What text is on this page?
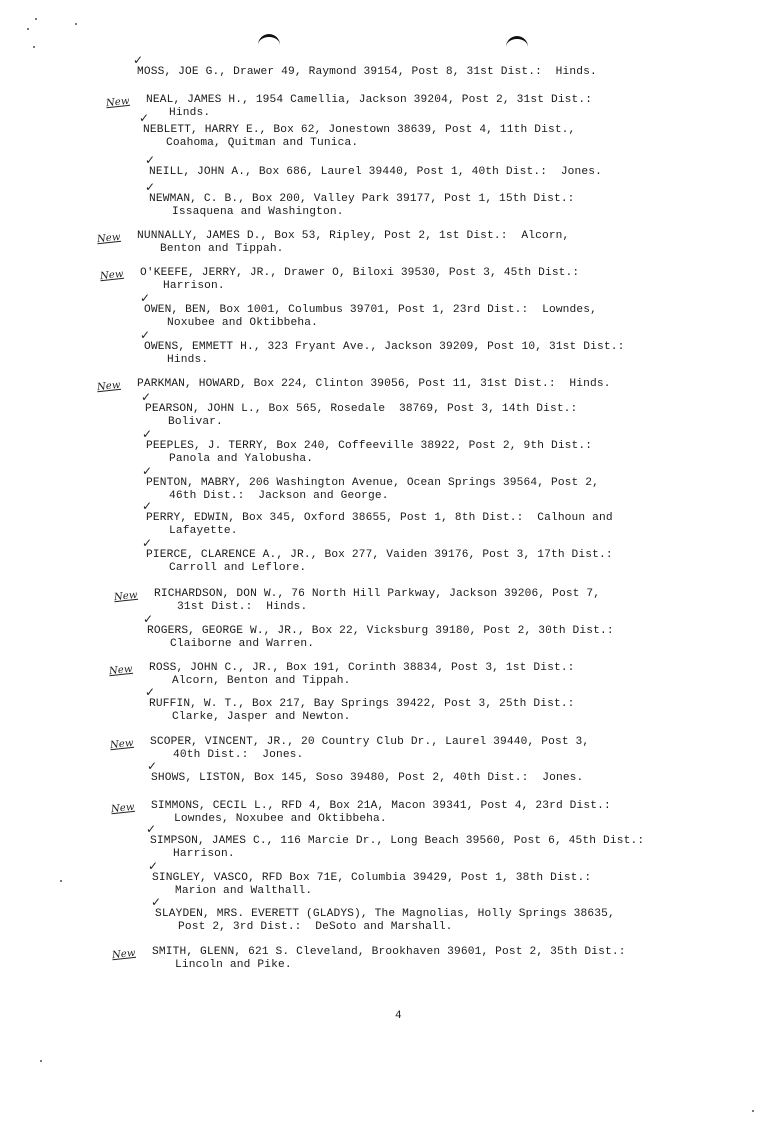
✓
MOSS, JOE G., Drawer 49, Raymond 39154, Post 8, 31st Dist.:  Hinds.
New NEAL, JAMES H., 1954 Camellia, Jackson 39204, Post 2, 31st Dist.:
Hinds.
✓
NEBLETT, HARRY E., Box 62, Jonestown 38639, Post 4, 11th Dist.,
Coahoma, Quitman and Tunica.
✓
NEILL, JOHN A., Box 686, Laurel 39440, Post 1, 40th Dist.:  Jones.
✓
NEWMAN, C. B., Box 200, Valley Park 39177, Post 1, 15th Dist.:
Issaquena and Washington.
New NUNNALLY, JAMES D., Box 53, Ripley, Post 2, 1st Dist.:  Alcorn,
Benton and Tippah.
New O'KEEFE, JERRY, JR., Drawer O, Biloxi 39530, Post 3, 45th Dist.:
Harrison.
✓
OWEN, BEN, Box 1001, Columbus 39701, Post 1, 23rd Dist.:  Lowndes,
Noxubee and Oktibbeha.
✓
OWENS, EMMETT H., 323 Fryant Ave., Jackson 39209, Post 10, 31st Dist.:
Hinds.
New PARKMAN, HOWARD, Box 224, Clinton 39056, Post 11, 31st Dist.:  Hinds.
✓
PEARSON, JOHN L., Box 565, Rosedale  38769, Post 3, 14th Dist.:
Bolivar.
✓
PEEPLES, J. TERRY, Box 240, Coffeeville 38922, Post 2, 9th Dist.:
Panola and Yalobusha.
✓
PENTON, MABRY, 206 Washington Avenue, Ocean Springs 39564, Post 2,
46th Dist.:  Jackson and George.
✓
PERRY, EDWIN, Box 345, Oxford 38655, Post 1, 8th Dist.:  Calhoun and
Lafayette.
✓
PIERCE, CLARENCE A., JR., Box 277, Vaiden 39176, Post 3, 17th Dist.:
Carroll and Leflore.
New RICHARDSON, DON W., 76 North Hill Parkway, Jackson 39206, Post 7,
31st Dist.:  Hinds.
✓
ROGERS, GEORGE W., JR., Box 22, Vicksburg 39180, Post 2, 30th Dist.:
Claiborne and Warren.
New ROSS, JOHN C., JR., Box 191, Corinth 38834, Post 3, 1st Dist.:
Alcorn, Benton and Tippah.
✓
RUFFIN, W. T., Box 217, Bay Springs 39422, Post 3, 25th Dist.:
Clarke, Jasper and Newton.
New SCOPER, VINCENT, JR., 20 Country Club Dr., Laurel 39440, Post 3,
40th Dist.:  Jones.
✓
SHOWS, LISTON, Box 145, Soso 39480, Post 2, 40th Dist.:  Jones.
New SIMMONS, CECIL L., RFD 4, Box 21A, Macon 39341, Post 4, 23rd Dist.:
Lowndes, Noxubee and Oktibbeha.
✓
SIMPSON, JAMES C., 116 Marcie Dr., Long Beach 39560, Post 6, 45th Dist.:
Harrison.
✓
SINGLEY, VASCO, RFD Box 71E, Columbia 39429, Post 1, 38th Dist.:
Marion and Walthall.
✓
SLAYDEN, MRS. EVERETT (GLADYS), The Magnolias, Holly Springs 38635,
Post 2, 3rd Dist.:  DeSoto and Marshall.
New SMITH, GLENN, 621 S. Cleveland, Brookhaven 39601, Post 2, 35th Dist.:
Lincoln and Pike.
4
